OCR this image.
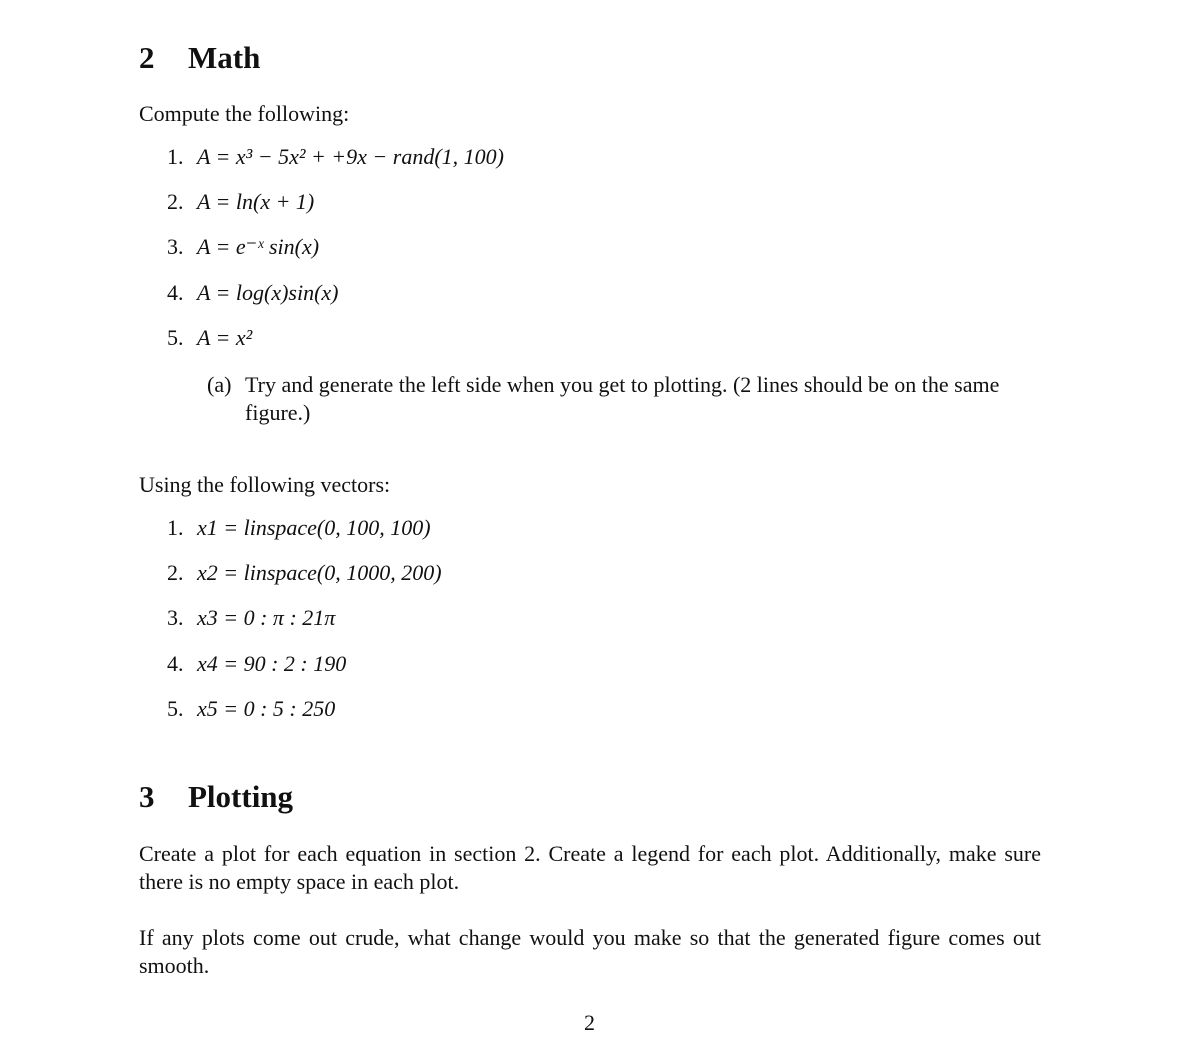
2 Math
Compute the following:
1. A = x³ − 5x² + +9x − rand(1, 100)
2. A = ln(x + 1)
3. A = e⁻ˣ sin(x)
4. A = log(x)sin(x)
5. A = x²
(a) Try and generate the left side when you get to plotting. (2 lines should be on the same figure.)
Using the following vectors:
1. x1 = linspace(0, 100, 100)
2. x2 = linspace(0, 1000, 200)
3. x3 = 0 : π : 21π
4. x4 = 90 : 2 : 190
5. x5 = 0 : 5 : 250
3 Plotting
Create a plot for each equation in section 2. Create a legend for each plot. Additionally, make sure there is no empty space in each plot.
If any plots come out crude, what change would you make so that the generated figure comes out smooth.
2
